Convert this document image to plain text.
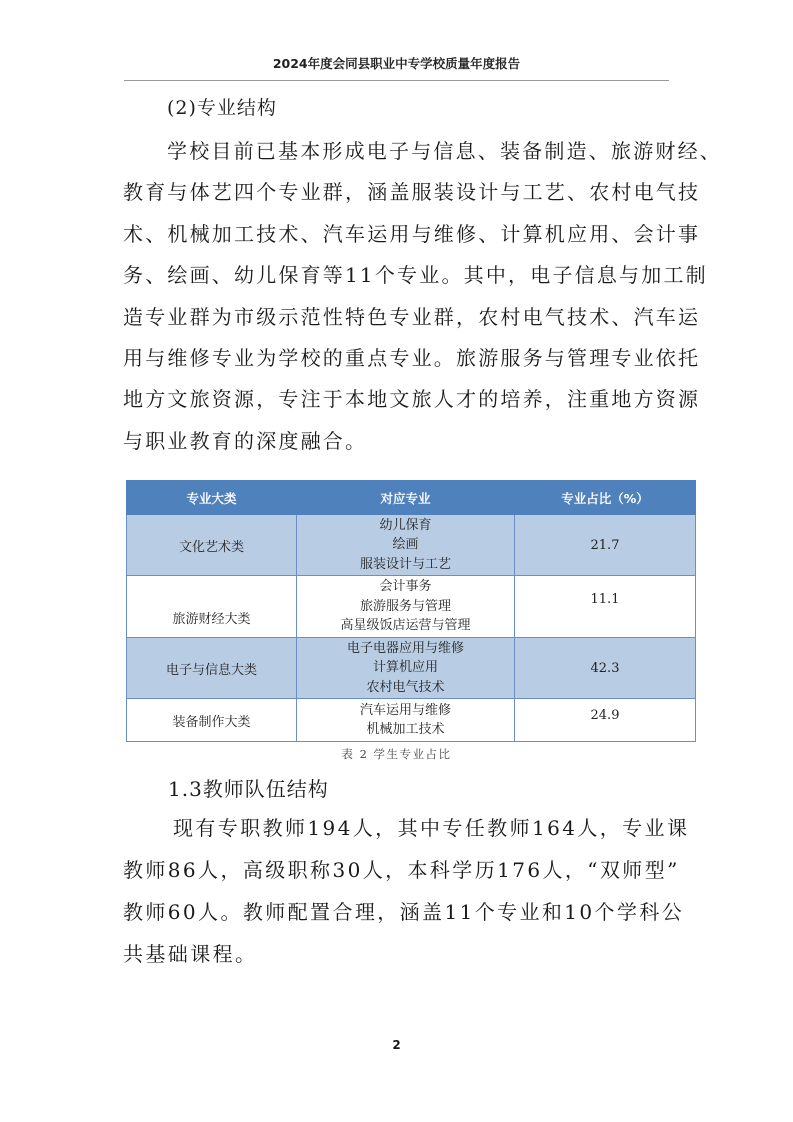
2024年度会同县职业中专学校质量年度报告
(2)专业结构
学校目前已基本形成电子与信息、装备制造、旅游财经、
教育与体艺四个专业群，涵盖服装设计与工艺、农村电气技
术、机械加工技术、汽车运用与维修、计算机应用、会计事
务、绘画、幼儿保育等11个专业。其中，电子信息与加工制
造专业群为市级示范性特色专业群，农村电气技术、汽车运
用与维修专业为学校的重点专业。旅游服务与管理专业依托
地方文旅资源，专注于本地文旅人才的培养，注重地方资源
与职业教育的深度融合。
专业大类	对应专业	专业占比（%）
文化艺术类	幼儿保育
绘画
服装设计与工艺	21.7
旅游财经大类	会计事务
旅游服务与管理
高星级饭店运营与管理	11.1
电子与信息大类	电子电器应用与维修
计算机应用
农村电气技术	42.3
装备制作大类	汽车运用与维修
机械加工技术	24.9
表 2 学生专业占比
1.3教师队伍结构
现有专职教师194人，其中专任教师164人，专业课
教师86人，高级职称30人，本科学历176人，“双师型”
教师60人。教师配置合理，涵盖11个专业和10个学科公
共基础课程。
2
